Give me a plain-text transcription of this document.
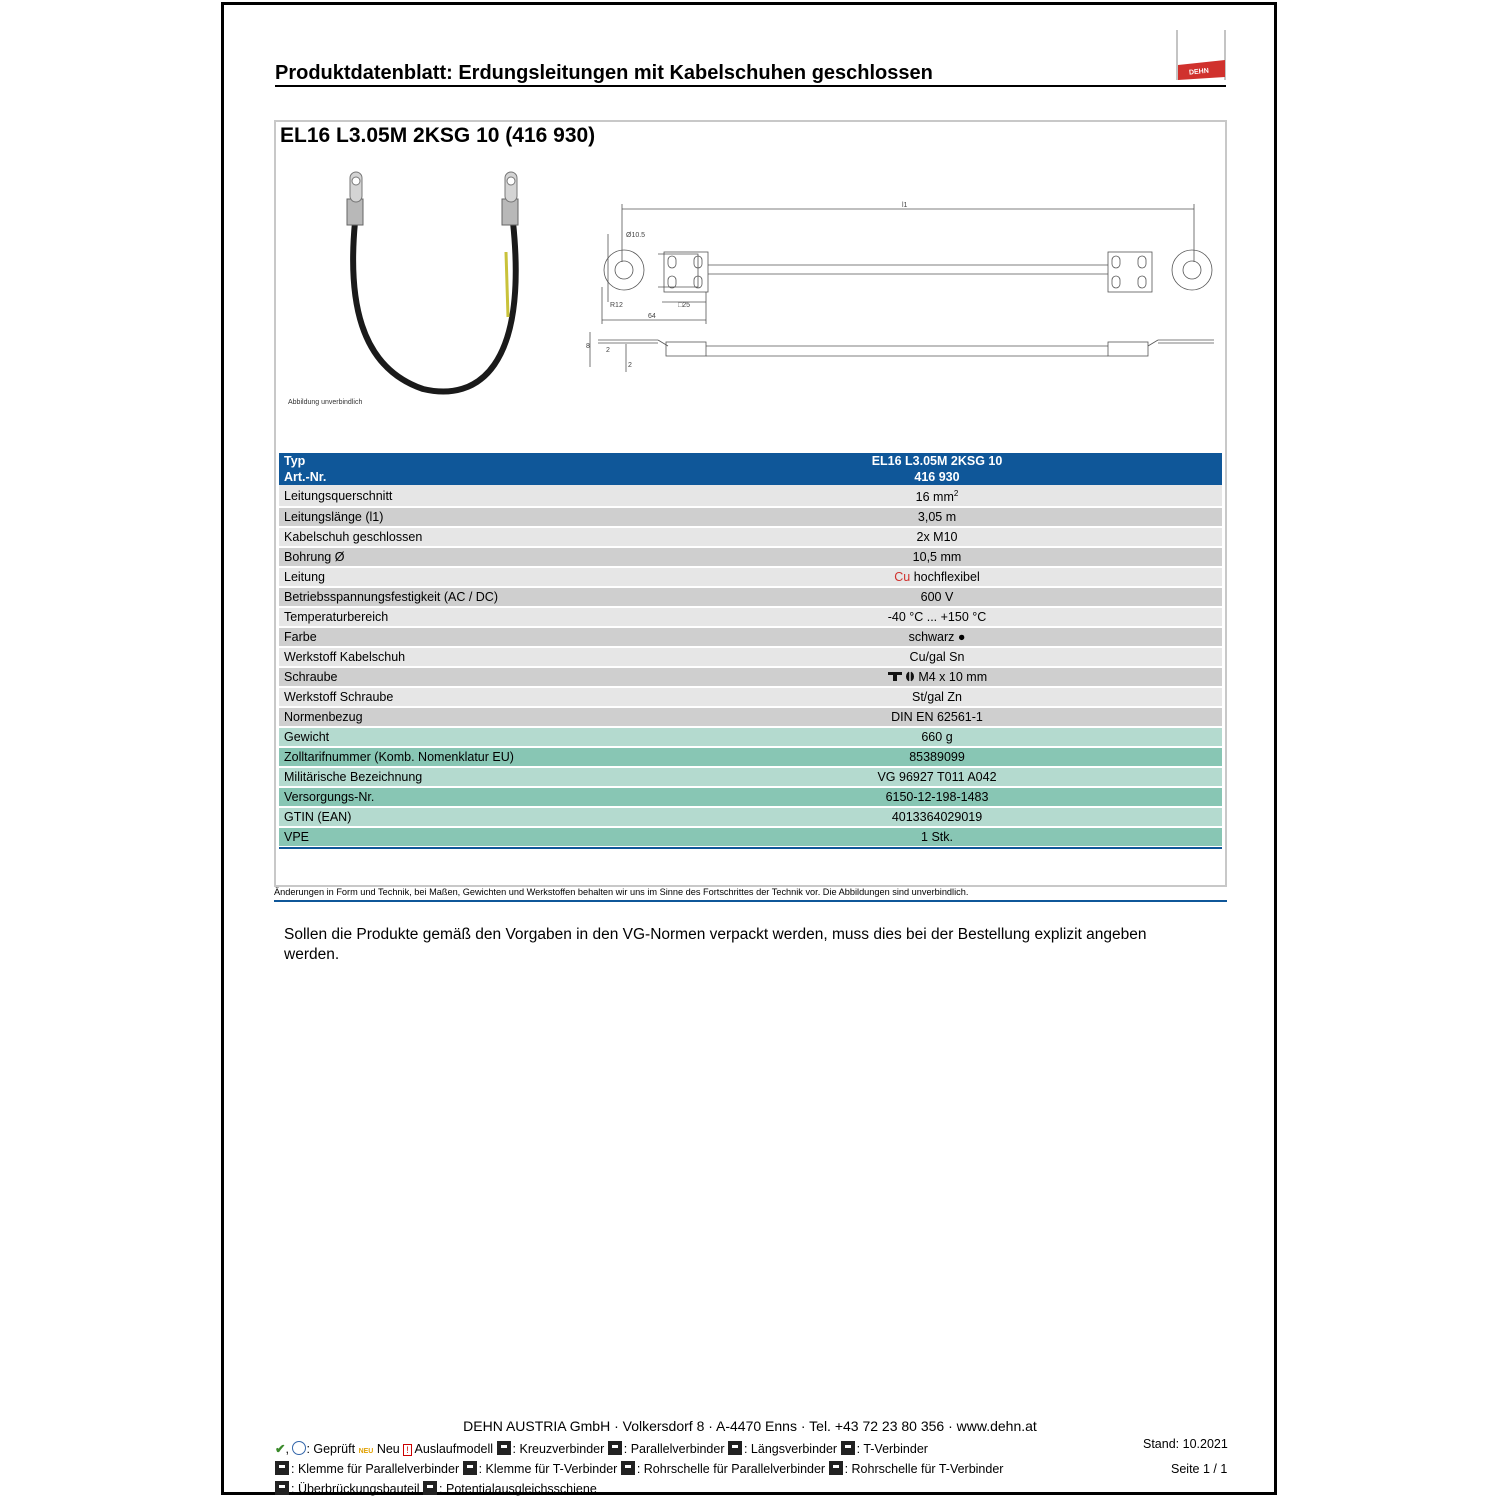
Produktdatenblatt: Erdungsleitungen mit Kabelschuhen geschlossen	DEHN
EL16 L3.05M 2KSG 10 (416 930)
l1
Ø10.5
R12	□25
64
8
2
2
Abbildung unverbindlich
Typ	EL16 L3.05M 2KSG 10
Art.-Nr.	416 930
Leitungsquerschnitt	16 $mm^2$
Leitungslänge (l1)	3,05 m
Kabelschuh geschlossen	2x M10
Bohrung Ø	10,5 mm
Leitung	Cu hochflexibel
Betriebsspannungsfestigkeit (AC / DC)	600 V
Temperaturbereich	-40 °C ... +150 °C
Farbe	schwarz ●
Werkstoff Kabelschuh	Cu/gal Sn
Schraube	M4 x 10 mm
Werkstoff Schraube	St/gal Zn
Normenbezug	DIN EN 62561-1
Gewicht	660 g
Zolltarifnummer (Komb. Nomenklatur EU)	85389099
Militärische Bezeichnung	VG 96927 T011 A042
Versorgungs-Nr.	6150-12-198-1483
GTIN (EAN)	4013364029019
VPE	1 Stk.
Änderungen in Form und Technik, bei Maßen, Gewichten und Werkstoffen behalten wir uns im Sinne des Fortschrittes der Technik vor. Die Abbildungen sind unverbindlich.
Sollen die Produkte gemäß den Vorgaben in den VG-Normen verpackt werden, muss dies bei der Bestellung explizit angeben werden.
DEHN AUSTRIA GmbH · Volkersdorf 8 · A-4470 Enns · Tel. +43 72 23 80 356 · www.dehn.at
✔, : Geprüft NEU Neu ! Auslaufmodell : Kreuzverbinder : Parallelverbinder : Längsverbinder : T-Verbinder
: Klemme für Parallelverbinder : Klemme für T-Verbinder : Rohrschelle für Parallelverbinder : Rohrschelle für T-Verbinder
: Überbrückungsbauteil : Potentialausgleichsschiene
Stand: 10.2021
Seite 1 / 1
